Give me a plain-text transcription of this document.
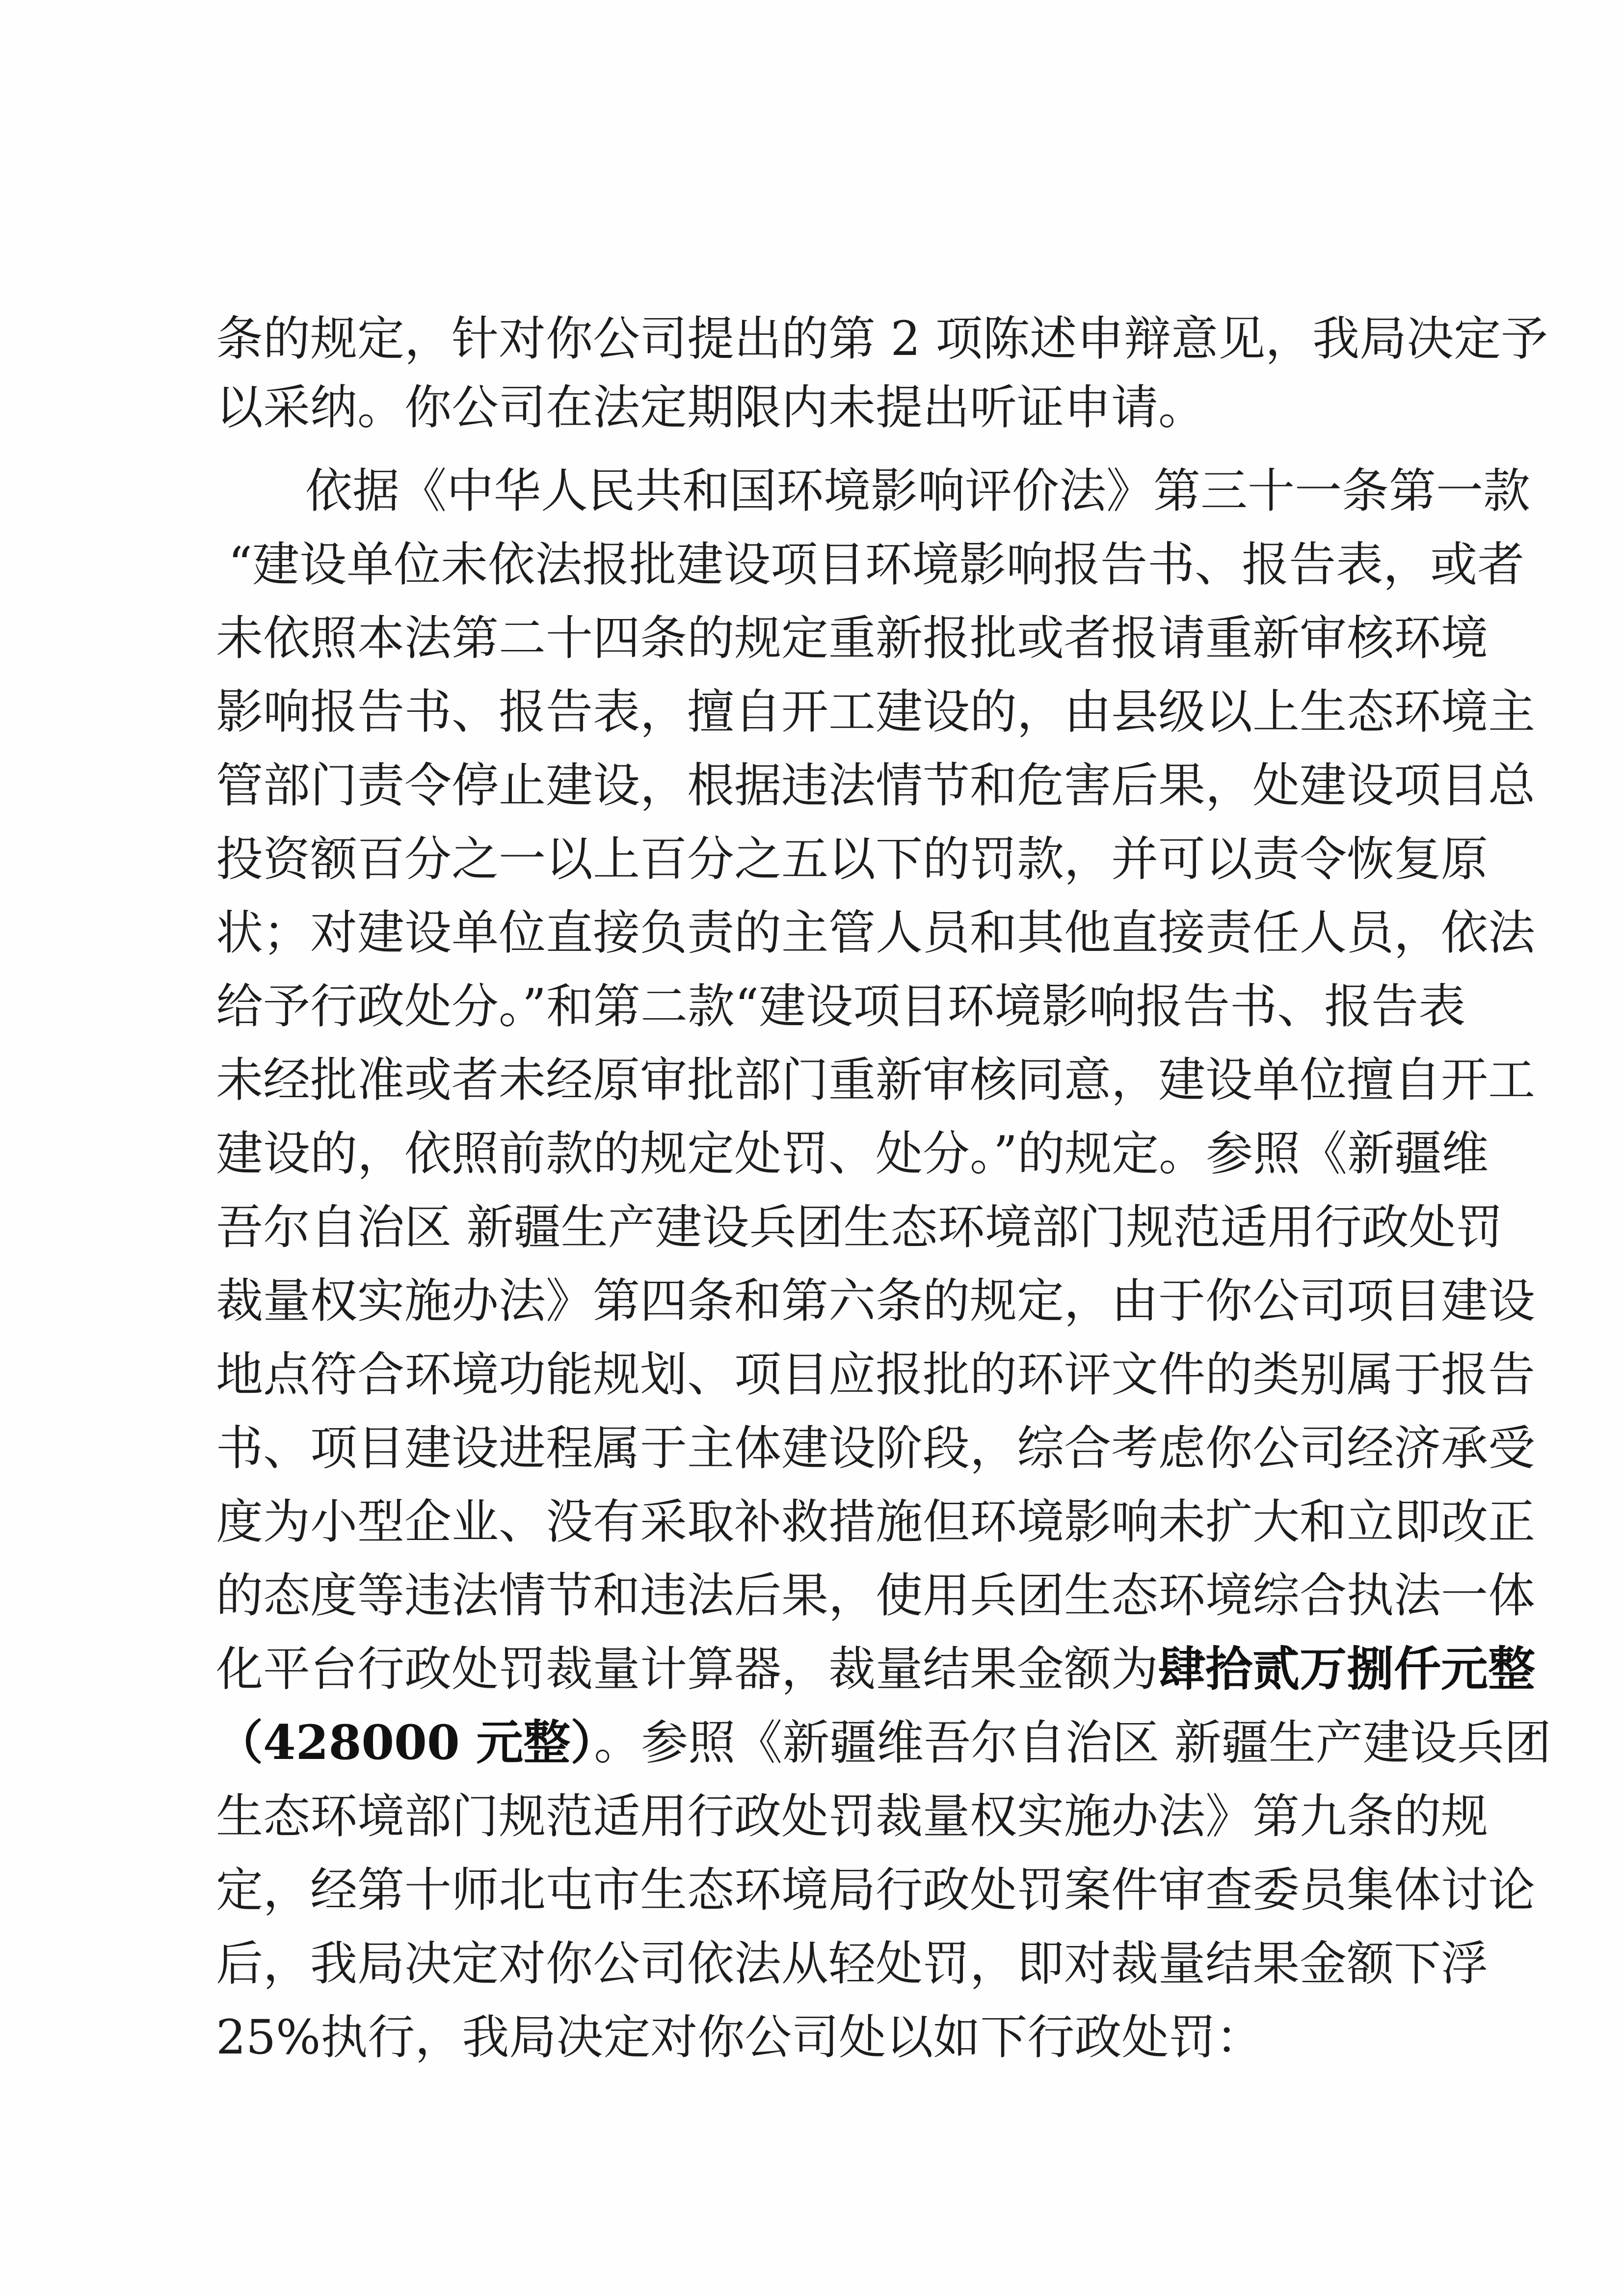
条的规定，针对你公司提出的第 2 项陈述申辩意见，我局决定予
以采纳。你公司在法定期限内未提出听证申请。
依据《中华人民共和国环境影响评价法》第三十一条第一款
“建设单位未依法报批建设项目环境影响报告书、报告表，或者
未依照本法第二十四条的规定重新报批或者报请重新审核环境
影响报告书、报告表，擅自开工建设的，由县级以上生态环境主
管部门责令停止建设，根据违法情节和危害后果，处建设项目总
投资额百分之一以上百分之五以下的罚款，并可以责令恢复原
状；对建设单位直接负责的主管人员和其他直接责任人员，依法
给予行政处分。”和第二款“建设项目环境影响报告书、报告表
未经批准或者未经原审批部门重新审核同意，建设单位擅自开工
建设的，依照前款的规定处罚、处分。”的规定。参照《新疆维
吾尔自治区 新疆生产建设兵团生态环境部门规范适用行政处罚
裁量权实施办法》第四条和第六条的规定，由于你公司项目建设
地点符合环境功能规划、项目应报批的环评文件的类别属于报告
书、项目建设进程属于主体建设阶段，综合考虑你公司经济承受
度为小型企业、没有采取补救措施但环境影响未扩大和立即改正
的态度等违法情节和违法后果，使用兵团生态环境综合执法一体
化平台行政处罚裁量计算器，裁量结果金额为肆拾贰万捌仟元整
（428000 元整）。参照《新疆维吾尔自治区 新疆生产建设兵团
生态环境部门规范适用行政处罚裁量权实施办法》第九条的规
定，经第十师北屯市生态环境局行政处罚案件审查委员集体讨论
后，我局决定对你公司依法从轻处罚，即对裁量结果金额下浮
25%执行，我局决定对你公司处以如下行政处罚：
